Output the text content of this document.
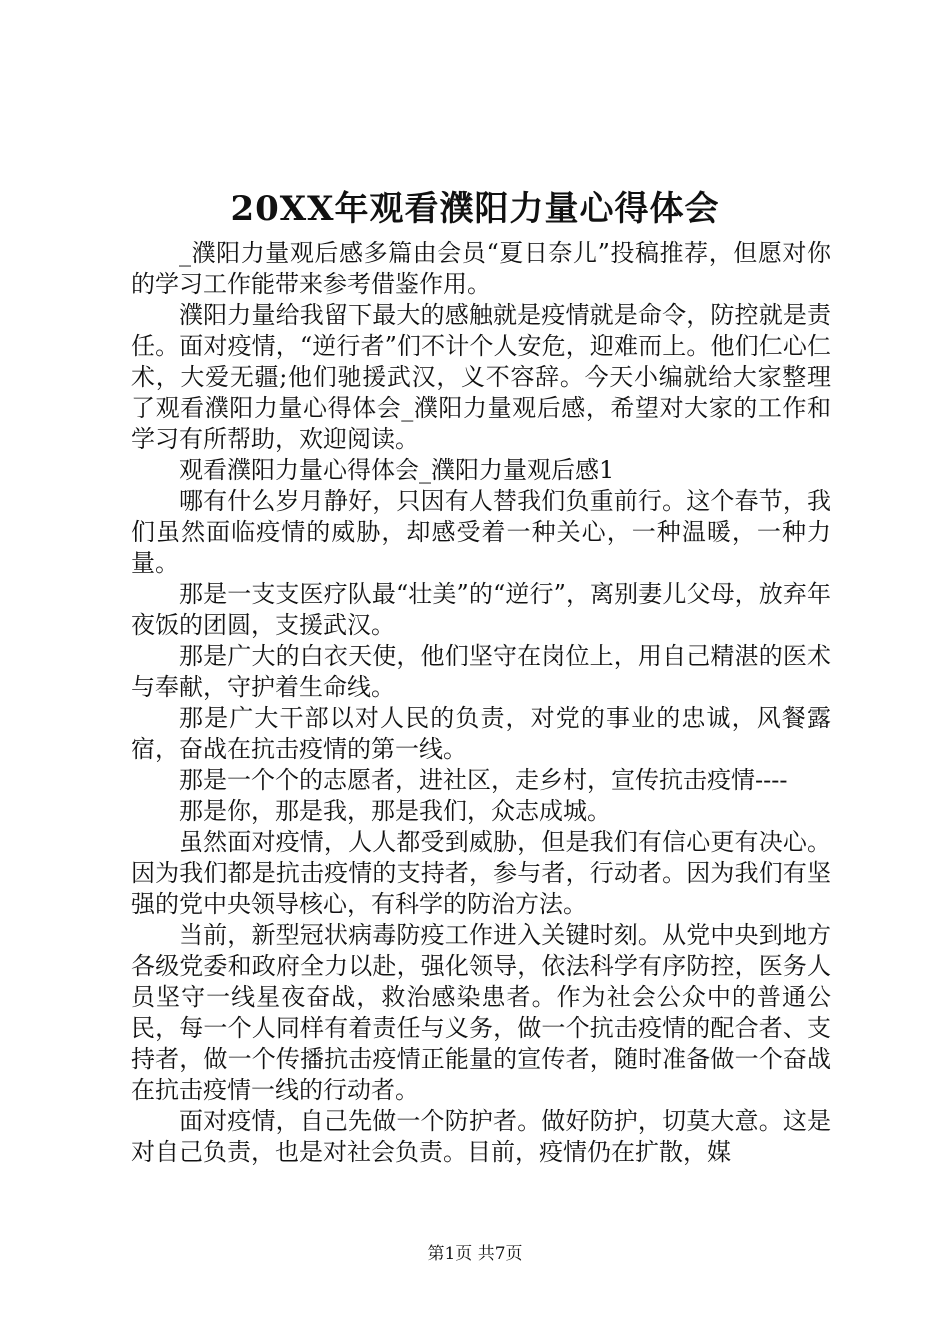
20XX年观看濮阳力量心得体会

_濮阳力量观后感多篇由会员“夏日奈儿”投稿推荐，但愿对你的学习工作能带来参考借鉴作用。

濮阳力量给我留下最大的感触就是疫情就是命令，防控就是责任。面对疫情，“逆行者”们不计个人安危，迎难而上。他们仁心仁术，大爱无疆;他们驰援武汉，义不容辞。今天小编就给大家整理了观看濮阳力量心得体会_濮阳力量观后感，希望对大家的工作和学习有所帮助，欢迎阅读。

观看濮阳力量心得体会_濮阳力量观后感1

哪有什么岁月静好，只因有人替我们负重前行。这个春节，我们虽然面临疫情的威胁，却感受着一种关心，一种温暖，一种力量。

那是一支支医疗队最“壮美”的“逆行”，离别妻儿父母，放弃年夜饭的团圆，支援武汉。

那是广大的白衣天使，他们坚守在岗位上，用自己精湛的医术与奉献，守护着生命线。

那是广大干部以对人民的负责，对党的事业的忠诚，风餐露宿，奋战在抗击疫情的第一线。

那是一个个的志愿者，进社区，走乡村，宣传抗击疫情----

那是你，那是我，那是我们，众志成城。

虽然面对疫情，人人都受到威胁，但是我们有信心更有决心。因为我们都是抗击疫情的支持者，参与者，行动者。因为我们有坚强的党中央领导核心，有科学的防治方法。

当前，新型冠状病毒防疫工作进入关键时刻。从党中央到地方各级党委和政府全力以赴，强化领导，依法科学有序防控，医务人员坚守一线星夜奋战，救治感染患者。作为社会公众中的普通公民，每一个人同样有着责任与义务，做一个抗击疫情的配合者、支持者，做一个传播抗击疫情正能量的宣传者，随时准备做一个奋战在抗击疫情一线的行动者。

面对疫情，自己先做一个防护者。做好防护，切莫大意。这是对自己负责，也是对社会负责。目前，疫情仍在扩散，媒

第1页 共7页
